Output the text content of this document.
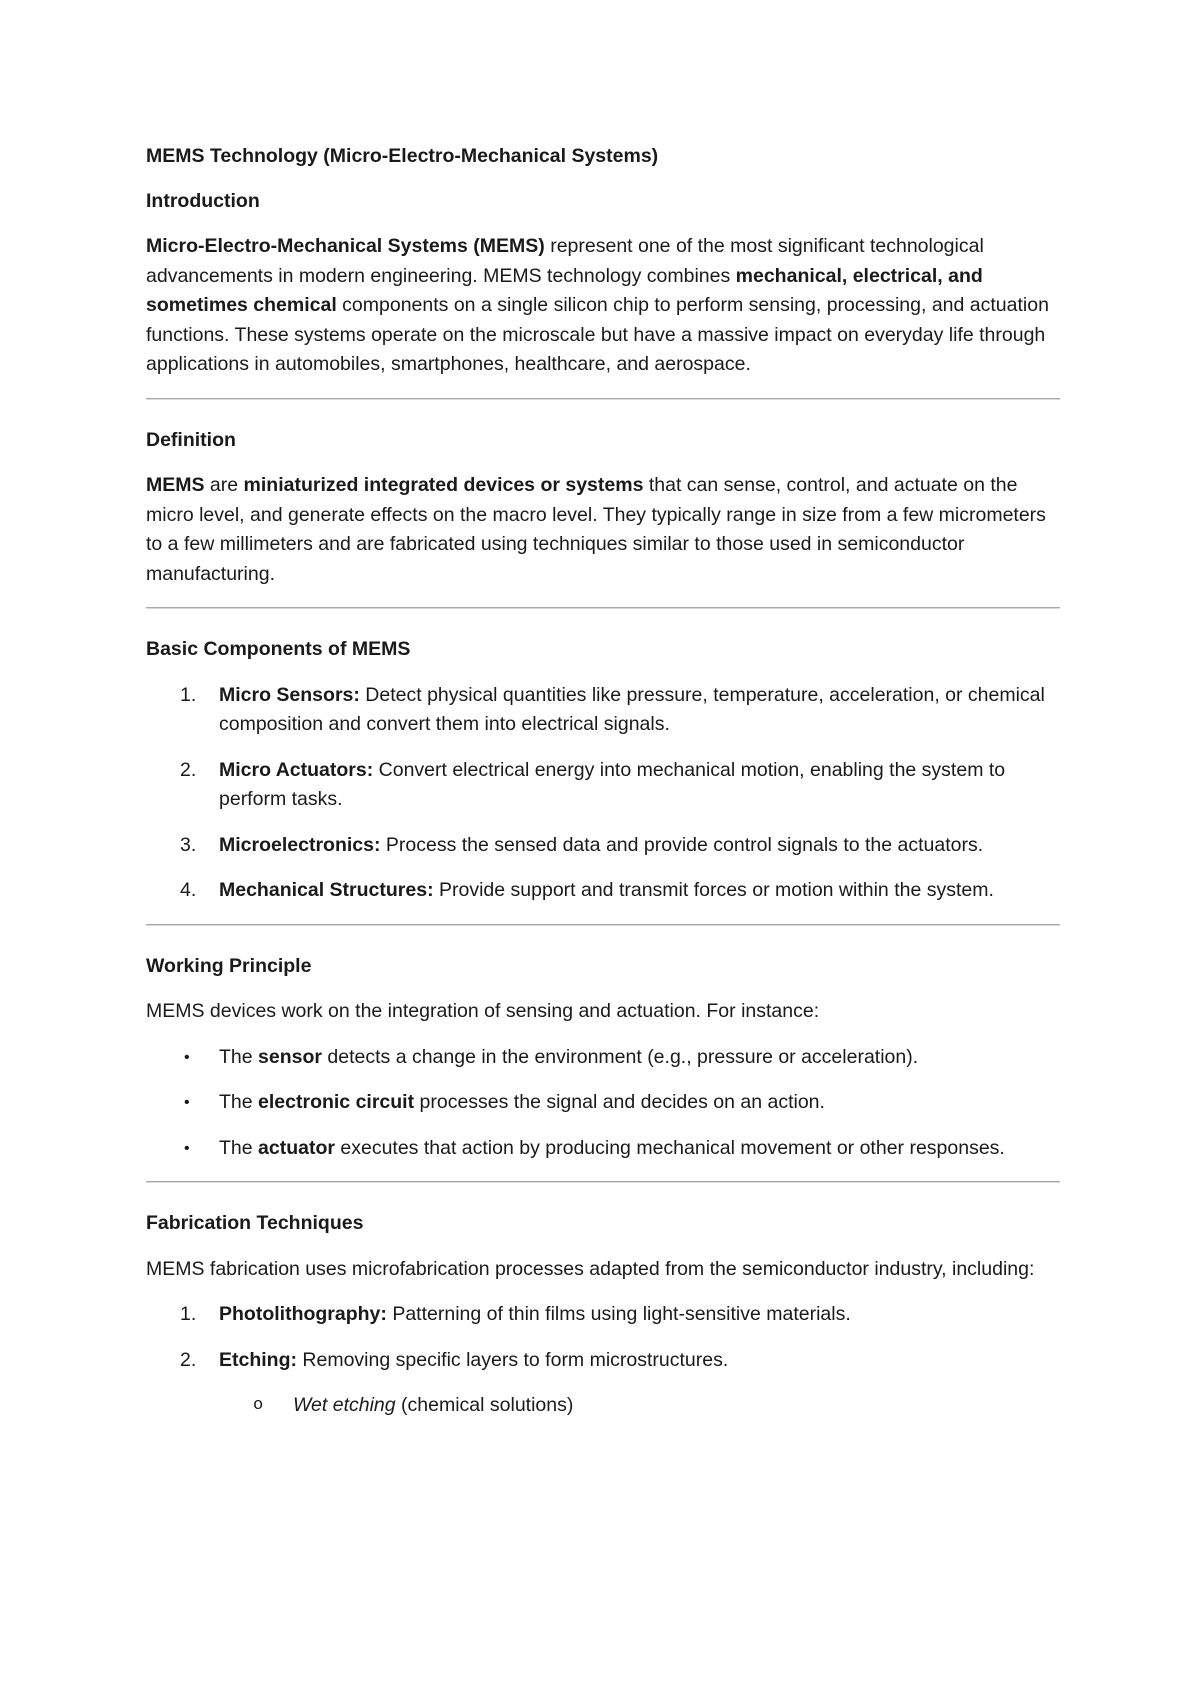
MEMS Technology (Micro-Electro-Mechanical Systems)

Introduction

Micro-Electro-Mechanical Systems (MEMS) represent one of the most significant technological advancements in modern engineering. MEMS technology combines mechanical, electrical, and sometimes chemical components on a single silicon chip to perform sensing, processing, and actuation functions. These systems operate on the microscale but have a massive impact on everyday life through applications in automobiles, smartphones, healthcare, and aerospace.

Definition

MEMS are miniaturized integrated devices or systems that can sense, control, and actuate on the micro level, and generate effects on the macro level. They typically range in size from a few micrometers to a few millimeters and are fabricated using techniques similar to those used in semiconductor manufacturing.

Basic Components of MEMS

1. Micro Sensors: Detect physical quantities like pressure, temperature, acceleration, or chemical composition and convert them into electrical signals.
2. Micro Actuators: Convert electrical energy into mechanical motion, enabling the system to perform tasks.
3. Microelectronics: Process the sensed data and provide control signals to the actuators.
4. Mechanical Structures: Provide support and transmit forces or motion within the system.

Working Principle

MEMS devices work on the integration of sensing and actuation. For instance:

• The sensor detects a change in the environment (e.g., pressure or acceleration).
• The electronic circuit processes the signal and decides on an action.
• The actuator executes that action by producing mechanical movement or other responses.

Fabrication Techniques

MEMS fabrication uses microfabrication processes adapted from the semiconductor industry, including:

1. Photolithography: Patterning of thin films using light-sensitive materials.
2. Etching: Removing specific layers to form microstructures.
o Wet etching (chemical solutions)
